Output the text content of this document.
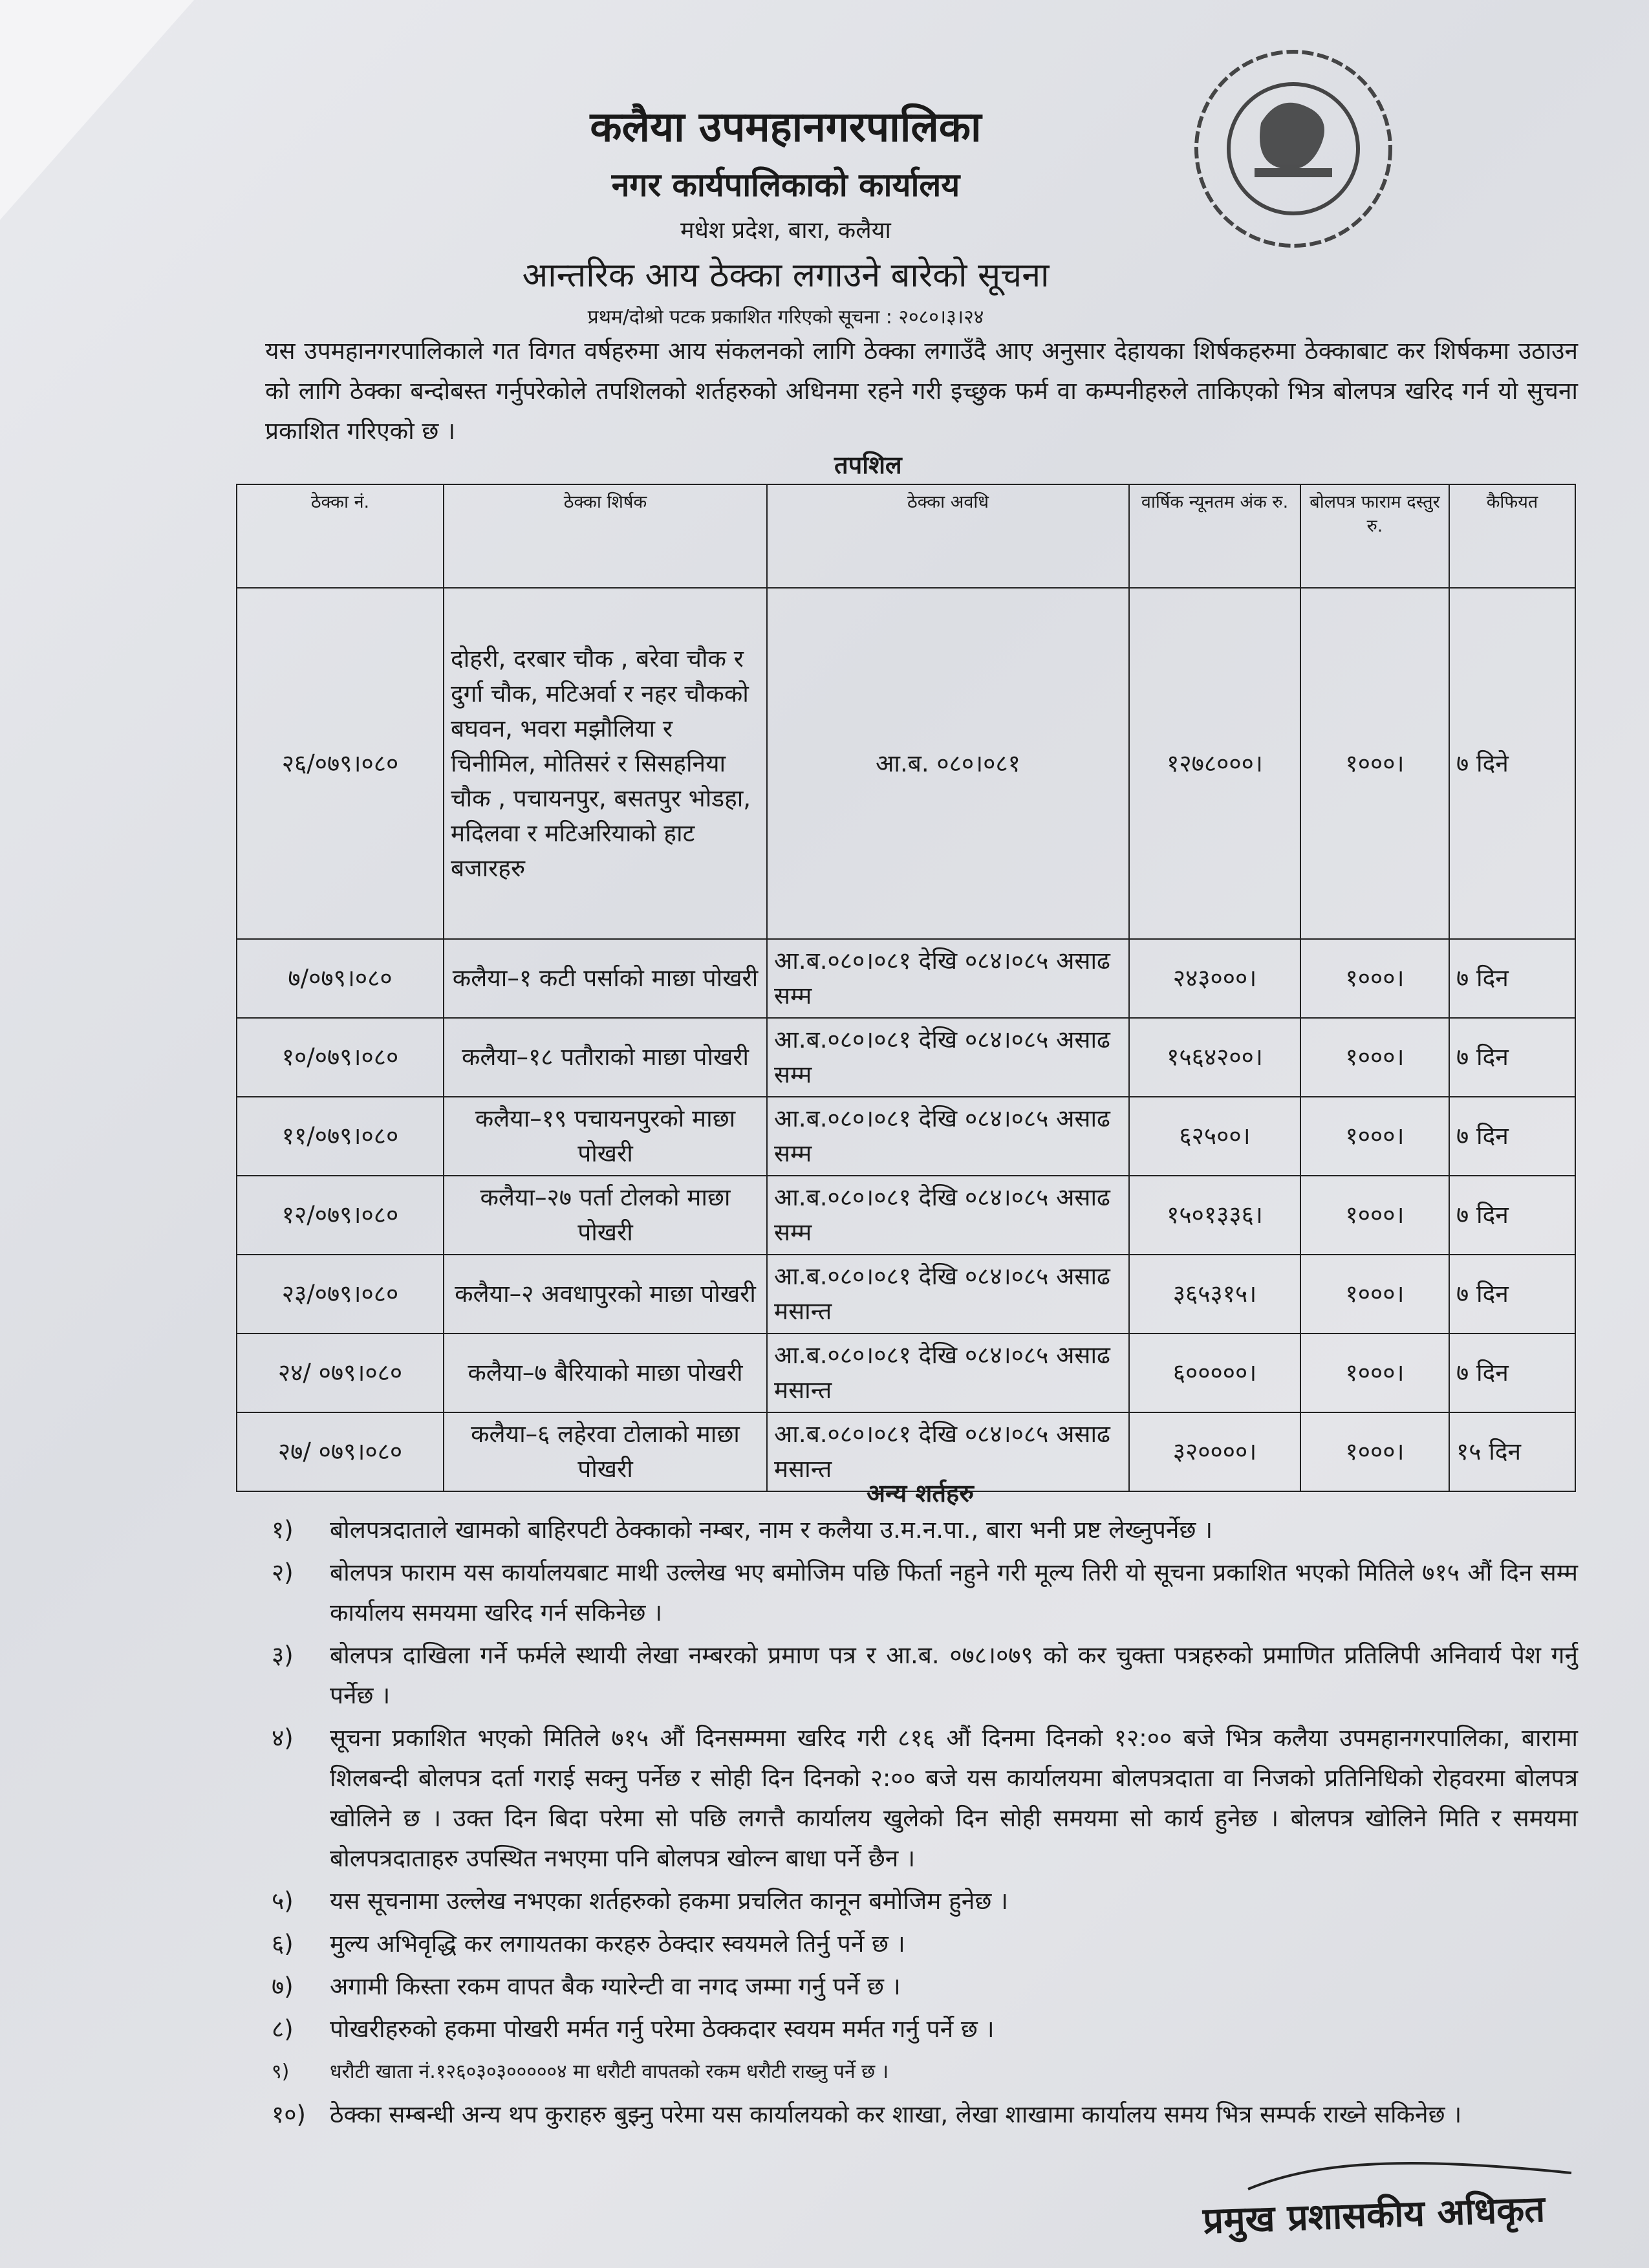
कलैया उपमहानगरपालिका
नगर कार्यपालिकाको कार्यालय
मधेश प्रदेश, बारा, कलैया
आन्तरिक आय ठेक्का लगाउने बारेको सूचना
प्रथम/दोश्रो पटक प्रकाशित गरिएको सूचना : २०८०।३।२४
यस उपमहानगरपालिकाले गत विगत वर्षहरुमा आय संकलनको लागि ठेक्का लगाउँदै आए अनुसार देहायका शिर्षकहरुमा ठेक्काबाट कर शिर्षकमा उठाउन को लागि ठेक्का बन्दोबस्त गर्नुपरेकोले तपशिलको शर्तहरुको अधिनमा रहने गरी इच्छुक फर्म वा कम्पनीहरुले ताकिएको भित्र बोलपत्र खरिद गर्न यो सुचना प्रकाशित गरिएको छ ।
तपशिल
ठेक्का नं.	ठेक्का शिर्षक	ठेक्का अवधि	वार्षिक न्यूनतम अंक रु.	बोलपत्र फाराम दस्तुर रु.	कैफियत
२६/०७९।०८०	दोहरी, दरबार चौक , बरेवा चौक र दुर्गा चौक, मटिअर्वा र नहर चौकको बघवन, भवरा मझौलिया र चिनीमिल, मोतिसरं र सिसहनिया चौक , पचायनपुर, बसतपुर भोडहा, मदिलवा र मटिअरियाको हाट बजारहरु	आ.ब. ०८०।०८१	१२७८०००।	१०००।	७ दिने
७/०७९।०८०	कलैया–१ कटी पर्साको माछा पोखरी	आ.ब.०८०।०८१ देखि ०८४।०८५ असाढ सम्म	२४३०००।	१०००।	७ दिन
१०/०७९।०८०	कलैया–१८ पतौराको माछा पोखरी	आ.ब.०८०।०८१ देखि ०८४।०८५ असाढ सम्म	१५६४२००।	१०००।	७ दिन
११/०७९।०८०	कलैया–१९ पचायनपुरको माछा पोखरी	आ.ब.०८०।०८१ देखि ०८४।०८५ असाढ सम्म	६२५००।	१०००।	७ दिन
१२/०७९।०८०	कलैया–२७ पर्ता टोलको माछा पोखरी	आ.ब.०८०।०८१ देखि ०८४।०८५ असाढ सम्म	१५०१३३६।	१०००।	७ दिन
२३/०७९।०८०	कलैया–२ अवधापुरको माछा पोखरी	आ.ब.०८०।०८१ देखि ०८४।०८५ असाढ मसान्त	३६५३१५।	१०००।	७ दिन
२४/ ०७९।०८०	कलैया–७ बैरियाको माछा पोखरी	आ.ब.०८०।०८१ देखि ०८४।०८५ असाढ मसान्त	६०००००।	१०००।	७ दिन
२७/ ०७९।०८०	कलैया–६ लहेरवा टोलाको माछा पोखरी	आ.ब.०८०।०८१ देखि ०८४।०८५ असाढ मसान्त	३२००००।	१०००।	१५ दिन
अन्य शर्तहरु
१) बोलपत्रदाताले खामको बाहिरपटी ठेक्काको नम्बर, नाम र कलैया उ.म.न.पा., बारा भनी प्रष्ट लेख्नुपर्नेछ ।
२) बोलपत्र फाराम यस कार्यालयबाट माथी उल्लेख भए बमोजिम पछि फिर्ता नहुने गरी मूल्य तिरी यो सूचना प्रकाशित भएको मितिले ७१५ औं दिन सम्म कार्यालय समयमा खरिद गर्न सकिनेछ ।
३) बोलपत्र दाखिला गर्ने फर्मले स्थायी लेखा नम्बरको प्रमाण पत्र र आ.ब. ०७८।०७९ को कर चुक्ता पत्रहरुको प्रमाणित प्रतिलिपी अनिवार्य पेश गर्नु पर्नेछ ।
४) सूचना प्रकाशित भएको मितिले ७१५ औं दिनसम्ममा खरिद गरी ८१६ औं दिनमा दिनको १२:०० बजे भित्र कलैया उपमहानगरपालिका, बारामा शिलबन्दी बोलपत्र दर्ता गराई सक्नु पर्नेछ र सोही दिन दिनको २:०० बजे यस कार्यालयमा बोलपत्रदाता वा निजको प्रतिनिधिको रोहवरमा बोलपत्र खोलिने छ । उक्त दिन बिदा परेमा सो पछि लगत्तै कार्यालय खुलेको दिन सोही समयमा सो कार्य हुनेछ । बोलपत्र खोलिने मिति र समयमा बोलपत्रदाताहरु उपस्थित नभएमा पनि बोलपत्र खोल्न बाधा पर्ने छैन ।
५) यस सूचनामा उल्लेख नभएका शर्तहरुको हकमा प्रचलित कानून बमोजिम हुनेछ ।
६) मुल्य अभिवृद्धि कर लगायतका करहरु ठेक्दार स्वयमले तिर्नु पर्ने छ ।
७) अगामी किस्ता रकम वापत बैक ग्यारेन्टी वा नगद जम्मा गर्नु पर्ने छ ।
८) पोखरीहरुको हकमा पोखरी मर्मत गर्नु परेमा ठेक्कदार स्वयम मर्मत गर्नु पर्ने छ ।
९) धरौटी खाता नं.१२६०३०३०००००४ मा धरौटी वापतको रकम धरौटी राख्नु पर्ने छ ।
१०) ठेक्का सम्बन्धी अन्य थप कुराहरु बुझ्नु परेमा यस कार्यालयको कर शाखा, लेखा शाखामा कार्यालय समय भित्र सम्पर्क राख्ने सकिनेछ ।
प्रमुख प्रशासकीय अधिकृत
